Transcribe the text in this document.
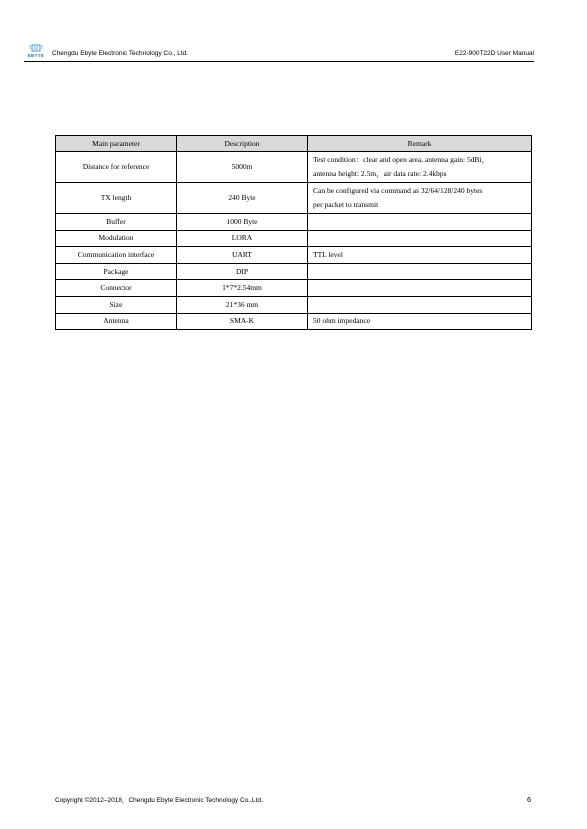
EBYTE	Chengdu Ebyte Electronic Technology Co., Ltd.	E22-900T22D User Manual
Main parameter	Description	Remark
Distance for reference	5000m	Test condition：clear and open area, antenna gain: 5dBi，
antenna height: 2.5m，air data rate: 2.4kbps

TX length	240 Byte	Can be configured via command as 32/64/128/240 bytes
per packet to transmit

Buffer	1000 Byte	
Modulation	LORA	
Communication interface	UART	TTL level
Package	DIP	
Connector	1*7*2.54mm	
Size	21*36 mm	
Antenna	SMA-K	50 ohm impedance
Copyright ©2012–2018，Chengdu Ebyte Electronic Technology Co.,Ltd.	6
